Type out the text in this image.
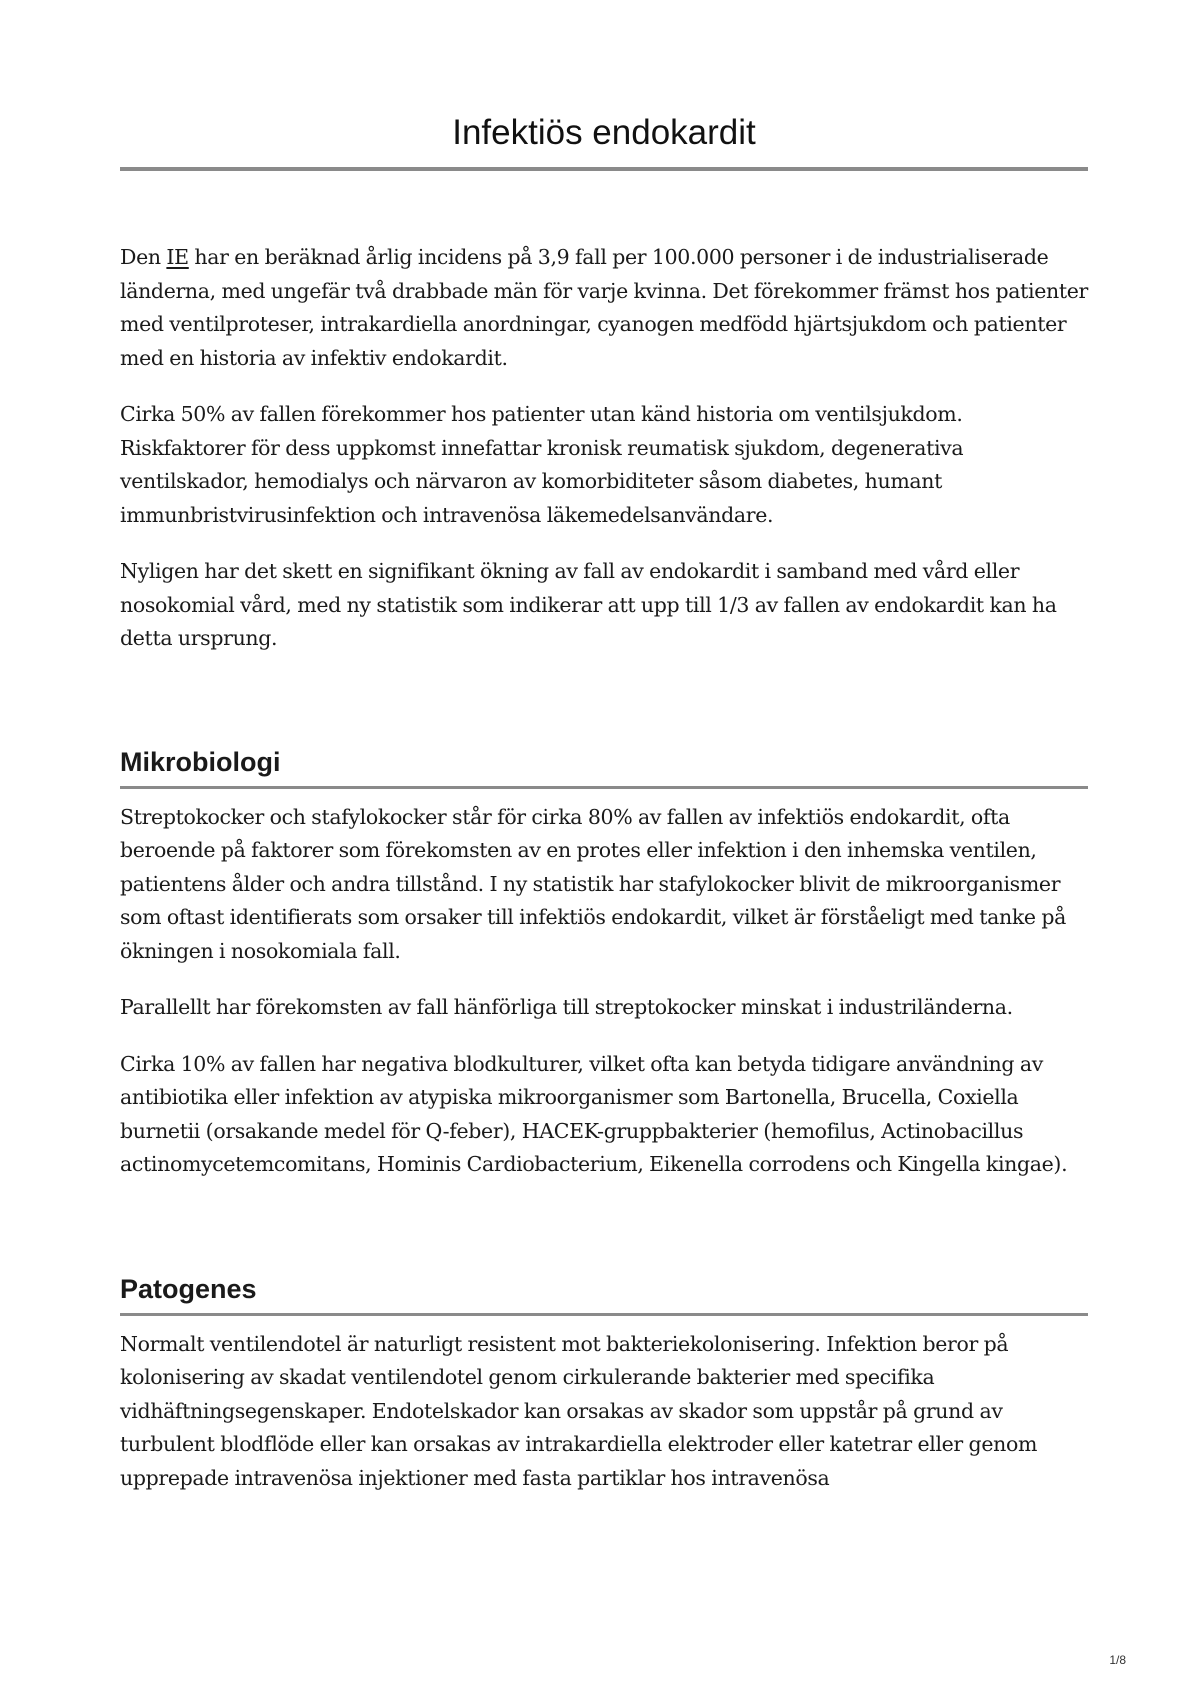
Infektiös endokardit

Den IE har en beräknad årlig incidens på 3,9 fall per 100.000 personer i de industrialiserade länderna, med ungefär två drabbade män för varje kvinna. Det förekommer främst hos patienter med ventilproteser, intrakardiella anordningar, cyanogen medfödd hjärtsjukdom och patienter med en historia av infektiv endokardit.

Cirka 50% av fallen förekommer hos patienter utan känd historia om ventilsjukdom. Riskfaktorer för dess uppkomst innefattar kronisk reumatisk sjukdom, degenerativa ventilskador, hemodialys och närvaron av komorbiditeter såsom diabetes, humant immunbristvirusinfektion och intravenösa läkemedelsanvändare.

Nyligen har det skett en signifikant ökning av fall av endokardit i samband med vård eller nosokomial vård, med ny statistik som indikerar att upp till 1/3 av fallen av endokardit kan ha detta ursprung.

Mikrobiologi

Streptokocker och stafylokocker står för cirka 80% av fallen av infektiös endokardit, ofta beroende på faktorer som förekomsten av en protes eller infektion i den inhemska ventilen, patientens ålder och andra tillstånd. I ny statistik har stafylokocker blivit de mikroorganismer som oftast identifierats som orsaker till infektiös endokardit, vilket är förståeligt med tanke på ökningen i nosokomiala fall.

Parallellt har förekomsten av fall hänförliga till streptokocker minskat i industriländerna.

Cirka 10% av fallen har negativa blodkulturer, vilket ofta kan betyda tidigare användning av antibiotika eller infektion av atypiska mikroorganismer som Bartonella, Brucella, Coxiella burnetii (orsakande medel för Q-feber), HACEK-gruppbakterier (hemofilus, Actinobacillus actinomycetemcomitans, Hominis Cardiobacterium, Eikenella corrodens och Kingella kingae).

Patogenes

Normalt ventilendotel är naturligt resistent mot bakteriekolonisering. Infektion beror på kolonisering av skadat ventilendotel genom cirkulerande bakterier med specifika vidhäftningsegenskaper. Endotelskador kan orsakas av skador som uppstår på grund av turbulent blodflöde eller kan orsakas av intrakardiella elektroder eller katetrar eller genom upprepade intravenösa injektioner med fasta partiklar hos intravenösa

1/8
